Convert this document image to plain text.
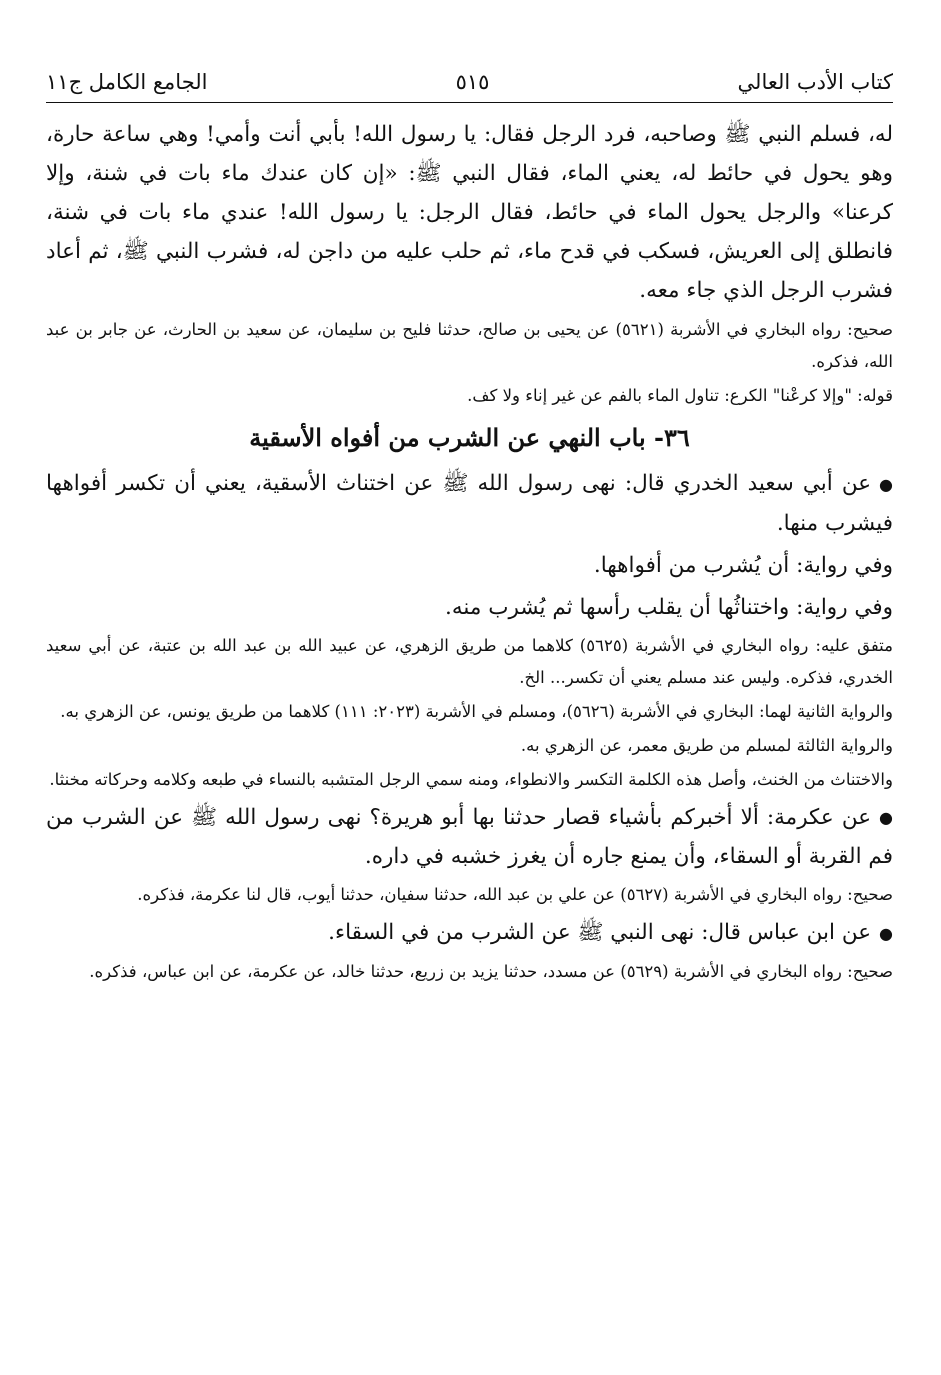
كتاب الأدب العالي
٥١٥
الجامع الكامل ج١١

له، فسلم النبي ﷺ وصاحبه، فرد الرجل فقال: يا رسول الله! بأبي أنت وأمي! وهي ساعة حارة، وهو يحول في حائط له، يعني الماء، فقال النبي ﷺ: «إن كان عندك ماء بات في شنة، وإلا كرعنا» والرجل يحول الماء في حائط، فقال الرجل: يا رسول الله! عندي ماء بات في شنة، فانطلق إلى العريش، فسكب في قدح ماء، ثم حلب عليه من داجن له، فشرب النبي ﷺ، ثم أعاد فشرب الرجل الذي جاء معه.

صحيح: رواه البخاري في الأشربة (٥٦٢١) عن يحيى بن صالح، حدثنا فليح بن سليمان، عن سعيد بن الحارث، عن جابر بن عبد الله، فذكره.

قوله: "وإلا كرعْنا" الكرع: تناول الماء بالفم عن غير إناء ولا كف.

٣٦- باب النهي عن الشرب من أفواه الأسقية

●عن أبي سعيد الخدري قال: نهى رسول الله ﷺ عن اختناث الأسقية، يعني أن تكسر أفواهها فيشرب منها.

وفي رواية: أن يُشرب من أفواهها.

وفي رواية: واختناثُها أن يقلب رأسها ثم يُشرب منه.

متفق عليه: رواه البخاري في الأشربة (٥٦٢٥) كلاهما من طريق الزهري، عن عبيد الله بن عبد الله بن عتبة، عن أبي سعيد الخدري، فذكره. وليس عند مسلم يعني أن تكسر... الخ.

والرواية الثانية لهما: البخاري في الأشربة (٥٦٢٦)، ومسلم في الأشربة (٢٠٢٣: ١١١) كلاهما من طريق يونس، عن الزهري به.

والرواية الثالثة لمسلم من طريق معمر، عن الزهري به.

والاختناث من الخنث، وأصل هذه الكلمة التكسر والانطواء، ومنه سمي الرجل المتشبه بالنساء في طبعه وكلامه وحركاته مخنثا.

●عن عكرمة: ألا أخبركم بأشياء قصار حدثنا بها أبو هريرة؟ نهى رسول الله ﷺ عن الشرب من فم القربة أو السقاء، وأن يمنع جاره أن يغرز خشبه في داره.

صحيح: رواه البخاري في الأشربة (٥٦٢٧) عن علي بن عبد الله، حدثنا سفيان، حدثنا أيوب، قال لنا عكرمة، فذكره.

●عن ابن عباس قال: نهى النبي ﷺ عن الشرب من في السقاء.

صحيح: رواه البخاري في الأشربة (٥٦٢٩) عن مسدد، حدثنا يزيد بن زريع، حدثنا خالد، عن عكرمة، عن ابن عباس، فذكره.
